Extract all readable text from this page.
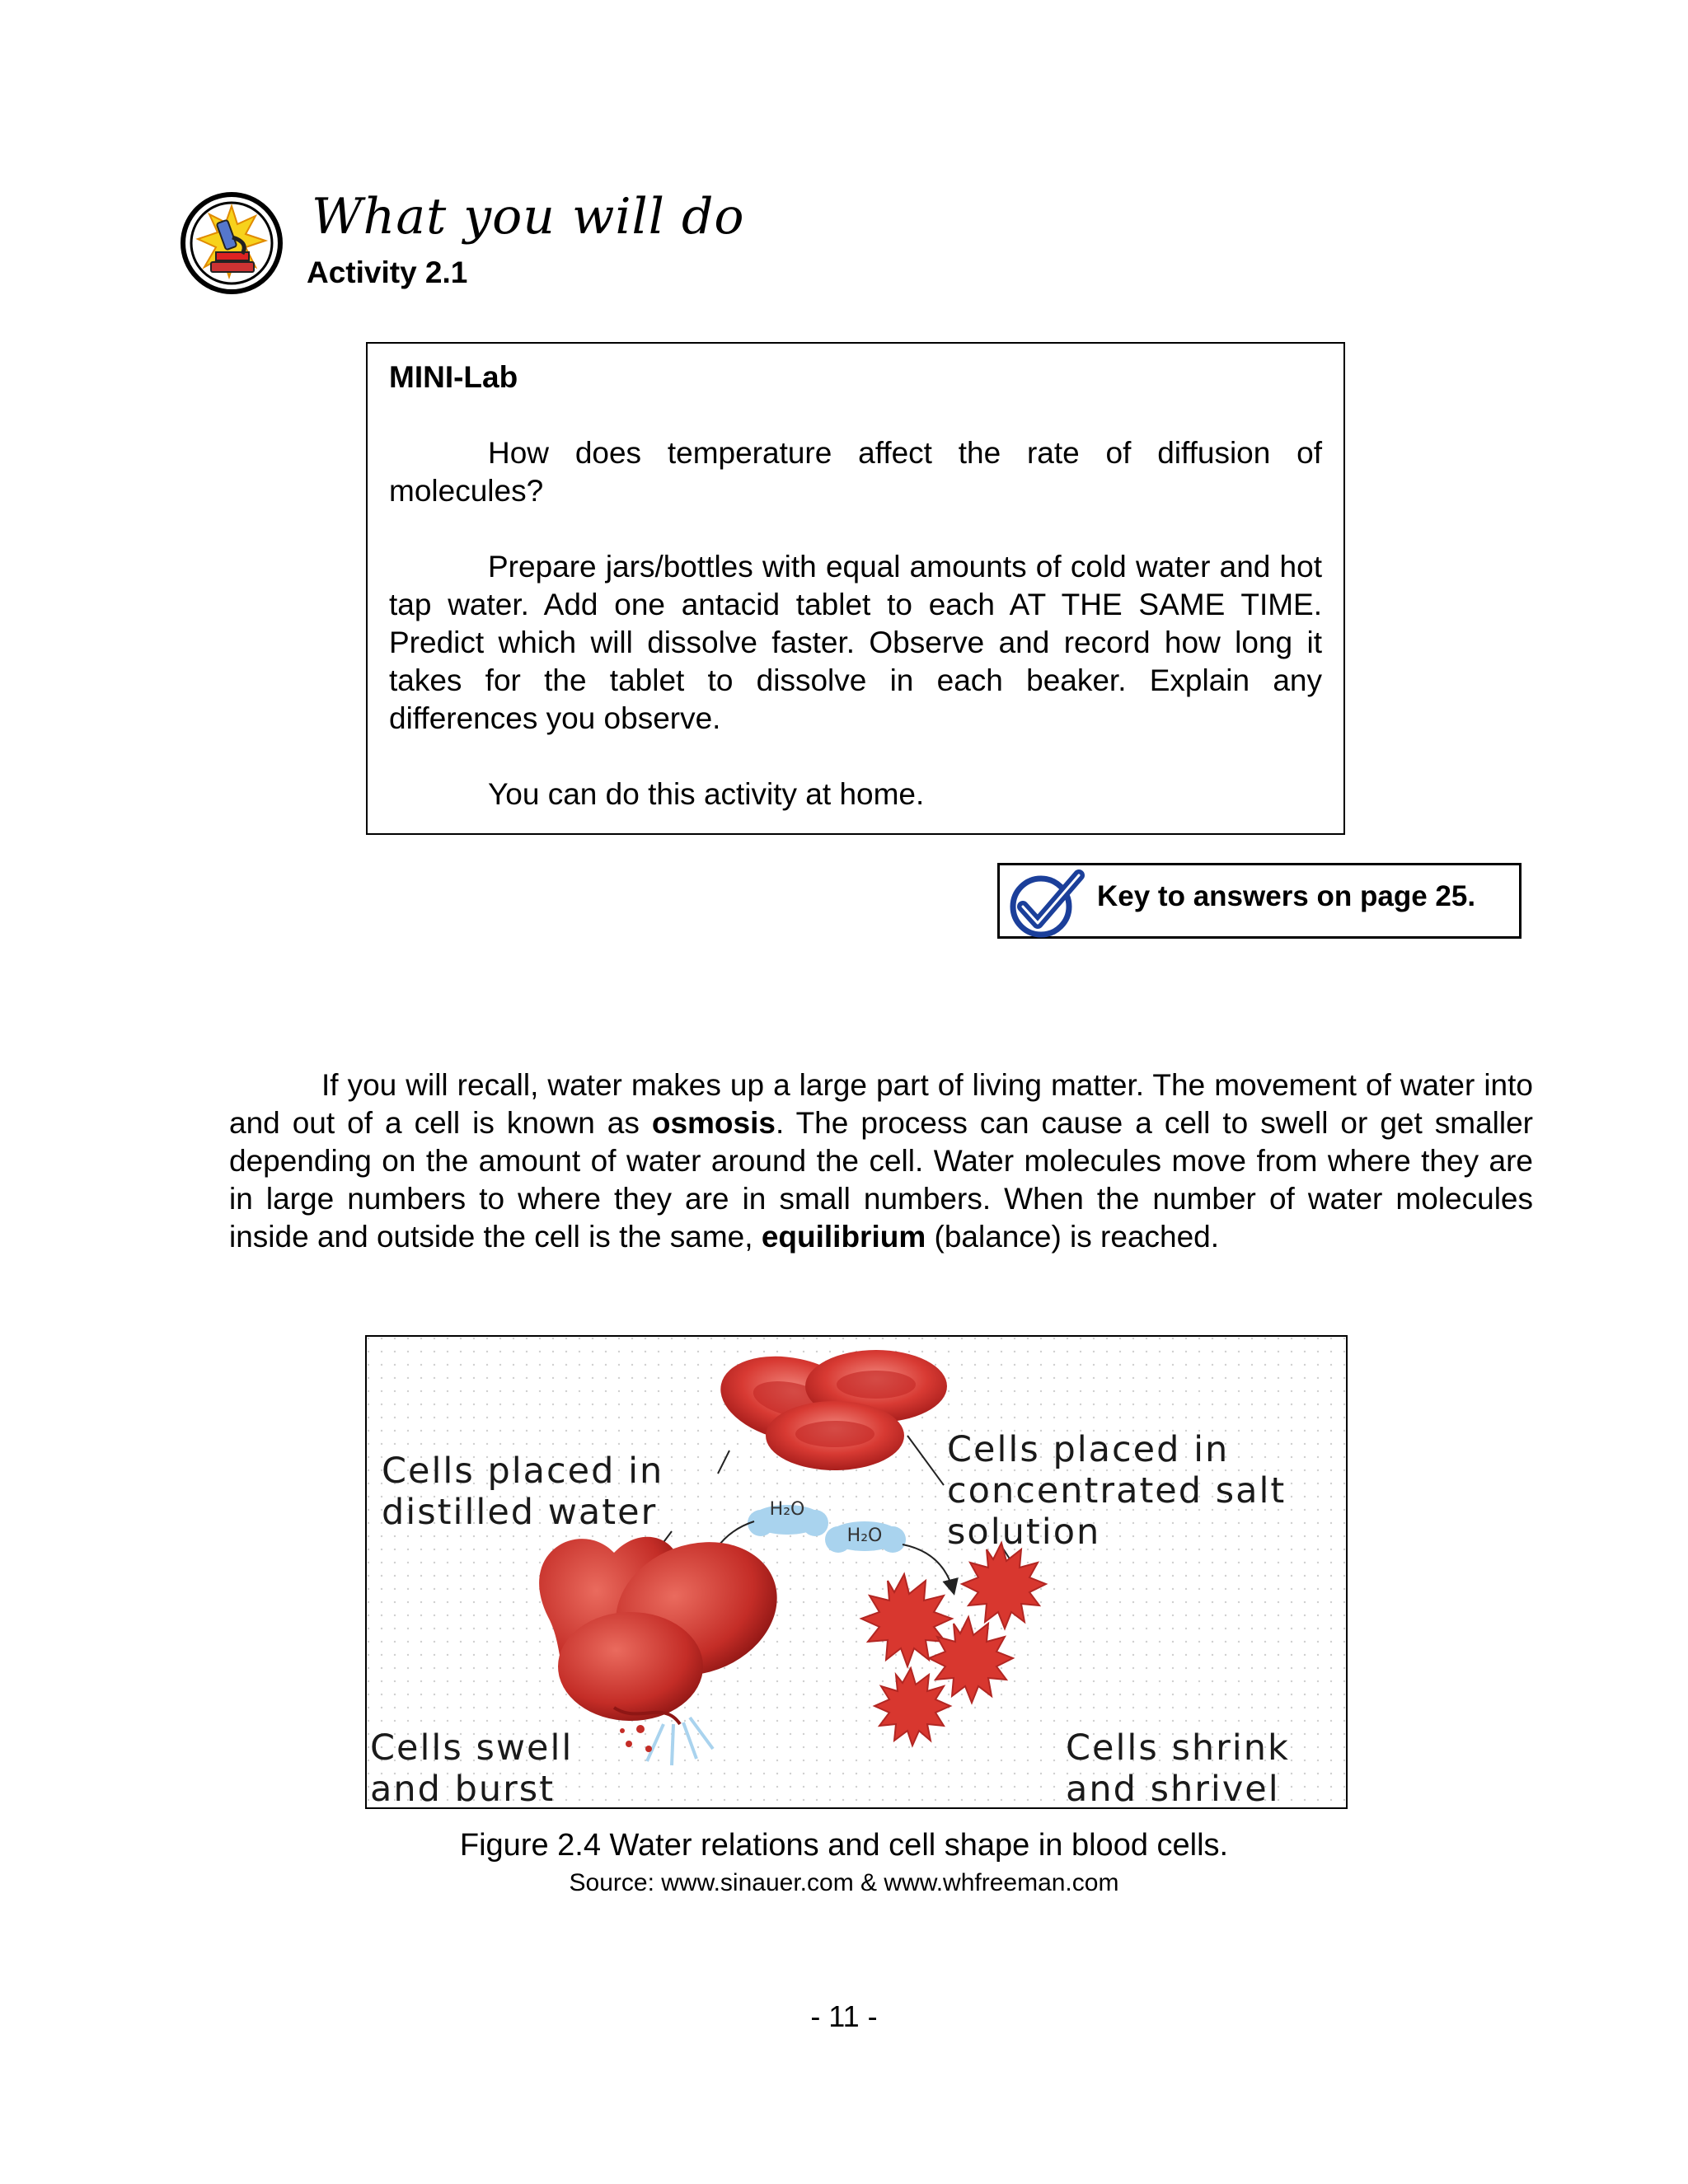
What you will do
Activity 2.1

MINI-Lab

How does temperature affect the rate of diffusion of molecules?

Prepare jars/bottles with equal amounts of cold water and hot tap water. Add one antacid tablet to each AT THE SAME TIME. Predict which will dissolve faster. Observe and record how long it takes for the tablet to dissolve in each beaker. Explain any differences you observe.

You can do this activity at home.

Key to answers on page 25.

If you will recall, water makes up a large part of living matter. The movement of water into and out of a cell is known as osmosis. The process can cause a cell to swell or get smaller depending on the amount of water around the cell. Water molecules move from where they are in large numbers to where they are in small numbers. When the number of water molecules inside and outside the cell is the same, equilibrium (balance) is reached.

H₂O
H₂O
Cells placed in
distilled water
Cells placed in
concentrated salt
solution
Cells swell
and burst
Cells shrink
and shrivel
Figure 2.4 Water relations and cell shape in blood cells.
Source: www.sinauer.com & www.whfreeman.com
- 11 -
